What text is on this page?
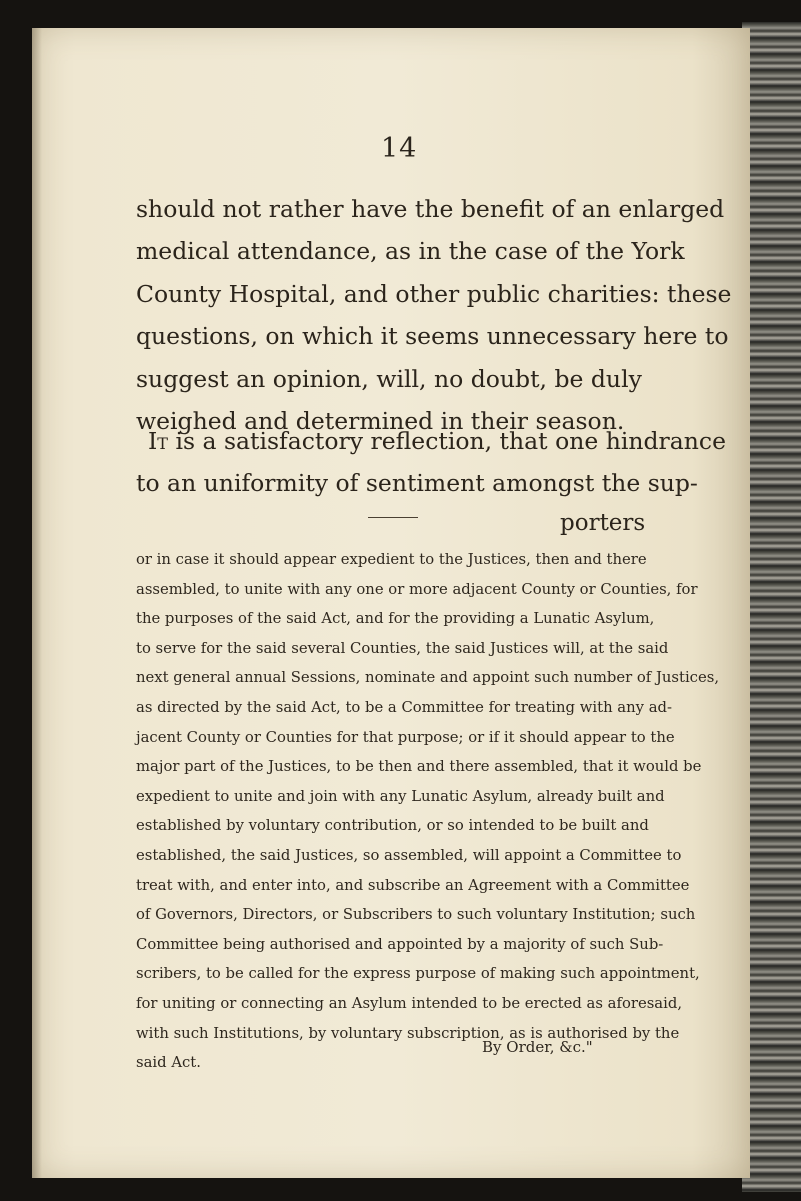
14
should not rather have the benefit of an enlarged
medical attendance, as in the case of the York
County Hospital, and other public charities: these
questions, on which it seems unnecessary here to
suggest an opinion, will, no doubt, be duly
weighed and determined in their season.
It is a satisfactory reflection, that one hindrance
to an uniformity of sentiment amongst the sup-
porters
or in case it should appear expedient to the Justices, then and there
assembled, to unite with any one or more adjacent County or Counties, for
the purposes of the said Act, and for the providing a Lunatic Asylum,
to serve for the said several Counties, the said Justices will, at the said
next general annual Sessions, nominate and appoint such number of Justices,
as directed by the said Act, to be a Committee for treating with any ad-
jacent County or Counties for that purpose; or if it should appear to the
major part of the Justices, to be then and there assembled, that it would be
expedient to unite and join with any Lunatic Asylum, already built and
established by voluntary contribution, or so intended to be built and
established, the said Justices, so assembled, will appoint a Committee to
treat with, and enter into, and subscribe an Agreement with a Committee
of Governors, Directors, or Subscribers to such voluntary Institution; such
Committee being authorised and appointed by a majority of such Sub-
scribers, to be called for the express purpose of making such appointment,
for uniting or connecting an Asylum intended to be erected as aforesaid,
with such Institutions, by voluntary subscription, as is authorised by the
said Act.
By Order, &c."
